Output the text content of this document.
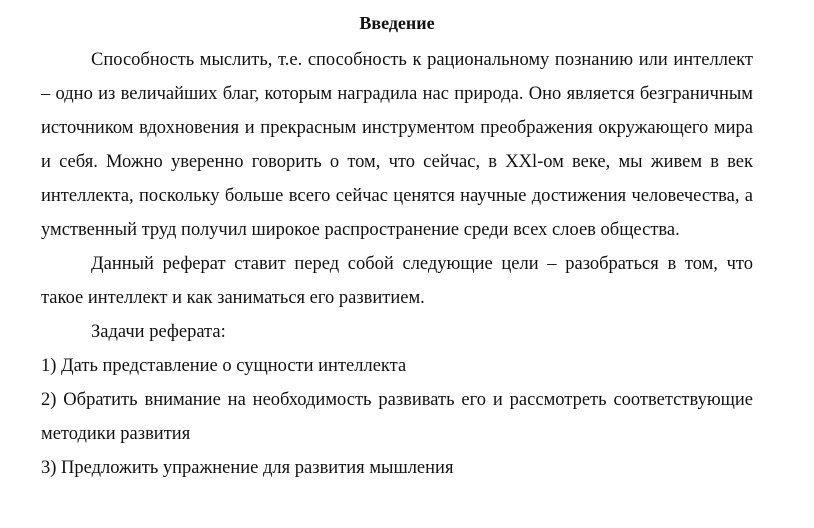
Введение

Способность мыслить, т.е. способность к рациональному познанию или интеллект – одно из величайших благ, которым наградила нас природа. Оно является безграничным источником вдохновения и прекрасным инструментом преображения окружающего мира и себя. Можно уверенно говорить о том, что сейчас, в XXl-ом веке, мы живем в век интеллекта, поскольку больше всего сейчас ценятся научные достижения человечества, а умственный труд получил широкое распространение среди всех слоев общества.

Данный реферат ставит перед собой следующие цели – разобраться в том, что такое интеллект и как заниматься его развитием.

Задачи реферата:

1) Дать представление о сущности интеллекта

2) Обратить внимание на необходимость развивать его и рассмотреть соответствующие методики развития

3) Предложить упражнение для развития мышления
